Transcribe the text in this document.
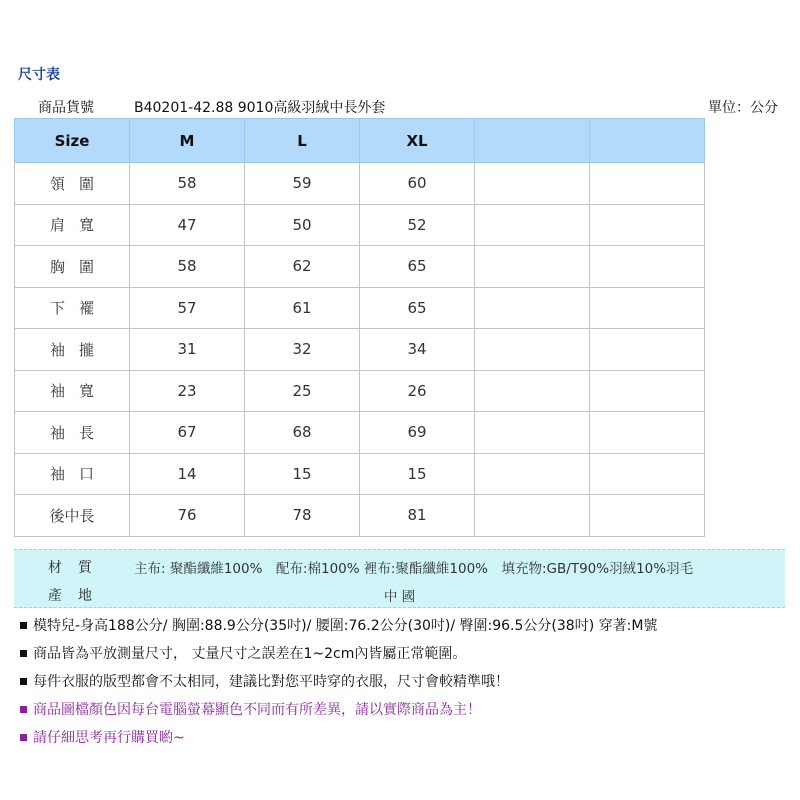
尺寸表
商品貨號	B40201-42.88 9010高級羽絨中長外套	單位：公分
Size	M	L	XL		
領圍	58	59	60		
肩寬	47	50	52		
胸圍	58	62	65		
下襬	57	61	65		
袖攏	31	32	34		
袖寬	23	25	26		
袖長	67	68	69		
袖口	14	15	15		
後中長	76	78	81		
材質 主布: 聚酯纖維100%　配布:棉100% 裡布:聚酯纖維100%　填充物:GB/T90%羽絨10%羽毛
產地	中 國
模特兒-身高188公分/ 胸圍:88.9公分(35吋)/ 腰圍:76.2公分(30吋)/ 臀圍:96.5公分(38吋) 穿著:M號
商品皆為平放測量尺寸， 丈量尺寸之誤差在1~2cm內皆屬正常範圍。
每件衣服的版型都會不太相同，建議比對您平時穿的衣服，尺寸會較精準哦！
商品圖檔顏色因每台電腦螢幕顯色不同而有所差異，請以實際商品為主！
請仔細思考再行購買喲~
